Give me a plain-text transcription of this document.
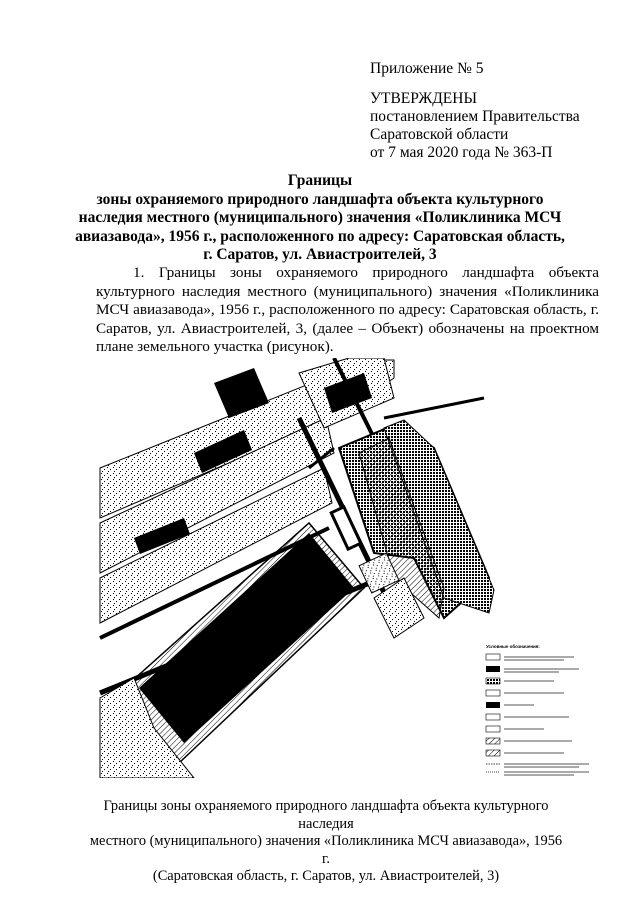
Приложение № 5
УТВЕРЖДЕНЫ
постановлением Правительства
Саратовской области
от 7 мая 2020 года № 363-П
Границы
зоны охраняемого природного ландшафта объекта культурного
наследия местного (муниципального) значения «Поликлиника МСЧ
авиазавода», 1956 г., расположенного по адресу: Саратовская область,
г. Саратов, ул. Авиастроителей, 3
1. Границы зоны охраняемого природного ландшафта объекта культурного наследия местного (муниципального) значения «Поликлиника МСЧ авиазавода», 1956 г., расположенного по адресу: Саратовская область, г. Саратов, ул. Авиастроителей, 3, (далее – Объект) обозначены на проектном плане земельного участка (рисунок).
Условные обозначения:
Границы зоны охраняемого природного ландшафта объекта культурного наследия
местного (муниципального) значения «Поликлиника МСЧ авиазавода», 1956 г.
(Саратовская область, г. Саратов, ул. Авиастроителей, 3)
